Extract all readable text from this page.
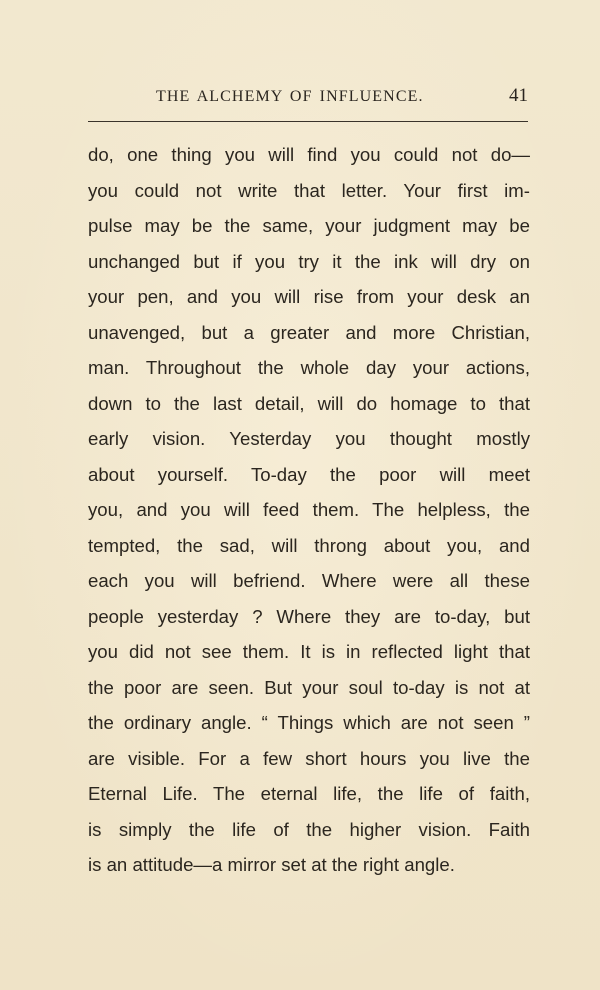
THE ALCHEMY OF INFLUENCE.	41
do, one thing you will find you could not do—
you could not write that letter. Your first im-
pulse may be the same, your judgment may be
unchanged but if you try it the ink will dry on
your pen, and you will rise from your desk an
unavenged, but a greater and more Christian,
man. Throughout the whole day your actions,
down to the last detail, will do homage to that
early vision. Yesterday you thought mostly
about yourself. To-day the poor will meet
you, and you will feed them. The helpless, the
tempted, the sad, will throng about you, and
each you will befriend. Where were all these
people yesterday ? Where they are to-day, but
you did not see them. It is in reflected light that
the poor are seen. But your soul to-day is not at
the ordinary angle. “ Things which are not seen ”
are visible. For a few short hours you live the
Eternal Life. The eternal life, the life of faith,
is simply the life of the higher vision. Faith
is an attitude—a mirror set at the right angle.
